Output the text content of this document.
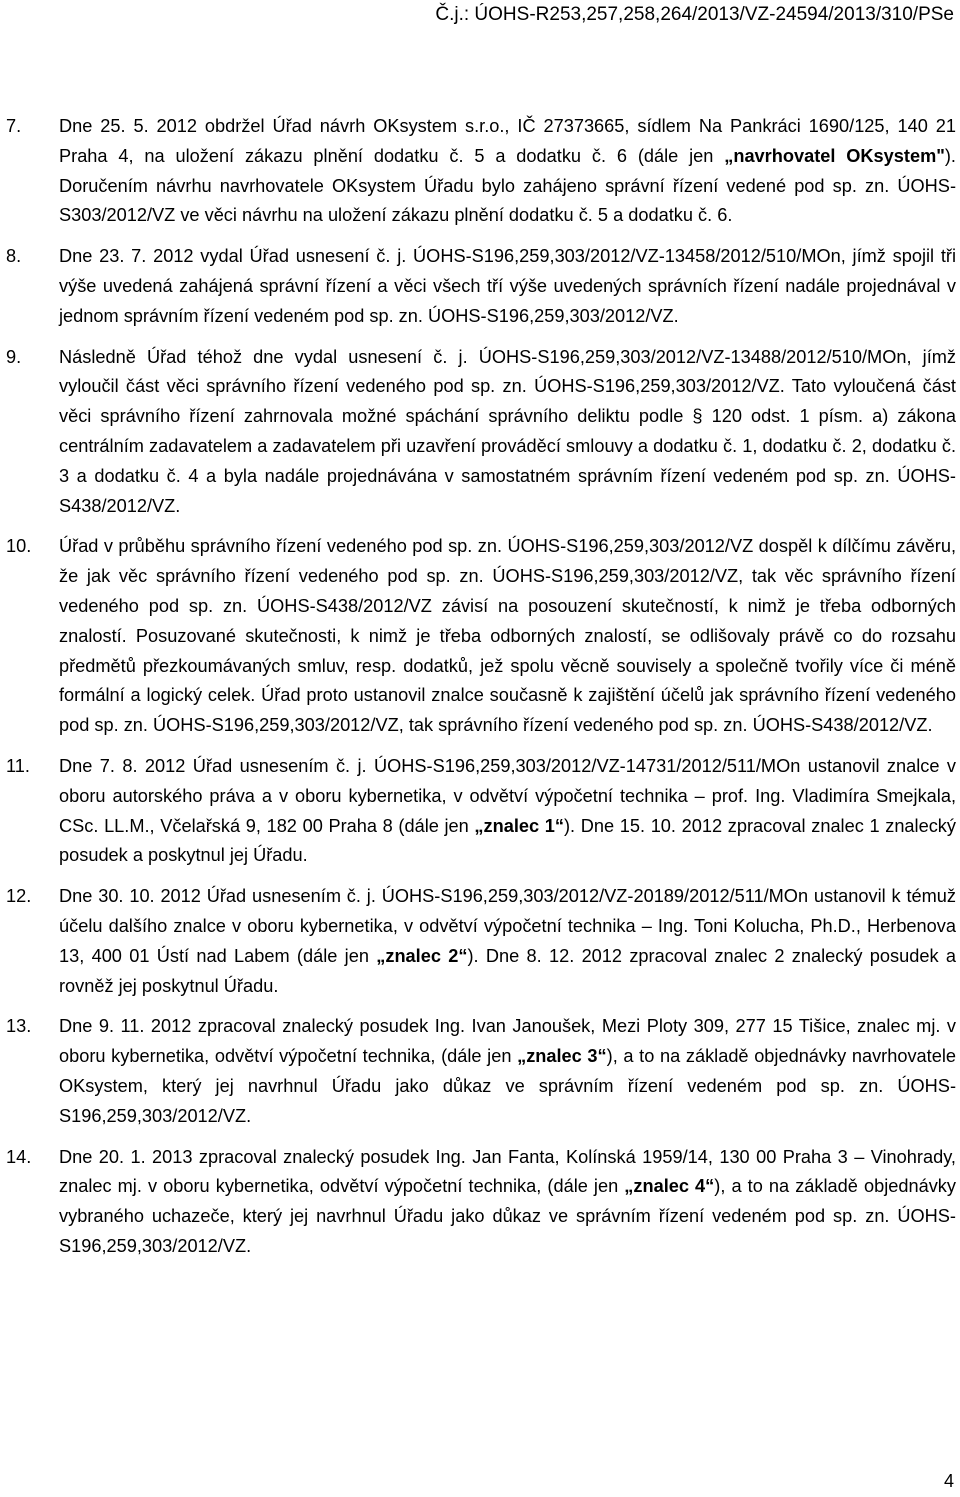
Č.j.: ÚOHS-R253,257,258,264/2013/VZ-24594/2013/310/PSe
7. Dne 25. 5. 2012 obdržel Úřad návrh OKsystem s.r.o., IČ 27373665, sídlem Na Pankráci 1690/125, 140 21 Praha 4, na uložení zákazu plnění dodatku č. 5 a dodatku č. 6 (dále jen „navrhovatel OKsystem"). Doručením návrhu navrhovatele OKsystem Úřadu bylo zahájeno správní řízení vedené pod sp. zn. ÚOHS-S303/2012/VZ ve věci návrhu na uložení zákazu plnění dodatku č. 5 a dodatku č. 6.
8. Dne 23. 7. 2012 vydal Úřad usnesení č. j. ÚOHS-S196,259,303/2012/VZ-13458/2012/510/MOn, jímž spojil tři výše uvedená zahájená správní řízení a věci všech tří výše uvedených správních řízení nadále projednával v jednom správním řízení vedeném pod sp. zn. ÚOHS-S196,259,303/2012/VZ.
9. Následně Úřad téhož dne vydal usnesení č. j. ÚOHS-S196,259,303/2012/VZ-13488/2012/510/MOn, jímž vyloučil část věci správního řízení vedeného pod sp. zn. ÚOHS-S196,259,303/2012/VZ. Tato vyloučená část věci správního řízení zahrnovala možné spáchání správního deliktu podle § 120 odst. 1 písm. a) zákona centrálním zadavatelem a zadavatelem při uzavření prováděcí smlouvy a dodatku č. 1, dodatku č. 2, dodatku č. 3 a dodatku č. 4 a byla nadále projednávána v samostatném správním řízení vedeném pod sp. zn. ÚOHS-S438/2012/VZ.
10. Úřad v průběhu správního řízení vedeného pod sp. zn. ÚOHS-S196,259,303/2012/VZ dospěl k dílčímu závěru, že jak věc správního řízení vedeného pod sp. zn. ÚOHS-S196,259,303/2012/VZ, tak věc správního řízení vedeného pod sp. zn. ÚOHS-S438/2012/VZ závisí na posouzení skutečností, k nimž je třeba odborných znalostí. Posuzované skutečnosti, k nimž je třeba odborných znalostí, se odlišovaly právě co do rozsahu předmětů přezkoumávaných smluv, resp. dodatků, jež spolu věcně souvisely a společně tvořily více či méně formální a logický celek. Úřad proto ustanovil znalce současně k zajištění účelů jak správního řízení vedeného pod sp. zn. ÚOHS-S196,259,303/2012/VZ, tak správního řízení vedeného pod sp. zn. ÚOHS-S438/2012/VZ.
11. Dne 7. 8. 2012 Úřad usnesením č. j. ÚOHS-S196,259,303/2012/VZ-14731/2012/511/MOn ustanovil znalce v oboru autorského práva a v oboru kybernetika, v odvětví výpočetní technika – prof. Ing. Vladimíra Smejkala, CSc. LL.M., Včelařská 9, 182 00 Praha 8 (dále jen „znalec 1“). Dne 15. 10. 2012 zpracoval znalec 1 znalecký posudek a poskytnul jej Úřadu.
12. Dne 30. 10. 2012 Úřad usnesením č. j. ÚOHS-S196,259,303/2012/VZ-20189/2012/511/MOn ustanovil k témuž účelu dalšího znalce v oboru kybernetika, v odvětví výpočetní technika – Ing. Toni Kolucha, Ph.D., Herbenova 13, 400 01 Ústí nad Labem (dále jen „znalec 2“). Dne 8. 12. 2012 zpracoval znalec 2 znalecký posudek a rovněž jej poskytnul Úřadu.
13. Dne 9. 11. 2012 zpracoval znalecký posudek Ing. Ivan Janoušek, Mezi Ploty 309, 277 15 Tišice, znalec mj. v oboru kybernetika, odvětví výpočetní technika, (dále jen „znalec 3“), a to na základě objednávky navrhovatele OKsystem, který jej navrhnul Úřadu jako důkaz ve správním řízení vedeném pod sp. zn. ÚOHS-S196,259,303/2012/VZ.
14. Dne 20. 1. 2013 zpracoval znalecký posudek Ing. Jan Fanta, Kolínská 1959/14, 130 00 Praha 3 – Vinohrady, znalec mj. v oboru kybernetika, odvětví výpočetní technika, (dále jen „znalec 4“), a to na základě objednávky vybraného uchazeče, který jej navrhnul Úřadu jako důkaz ve správním řízení vedeném pod sp. zn. ÚOHS-S196,259,303/2012/VZ.
4
